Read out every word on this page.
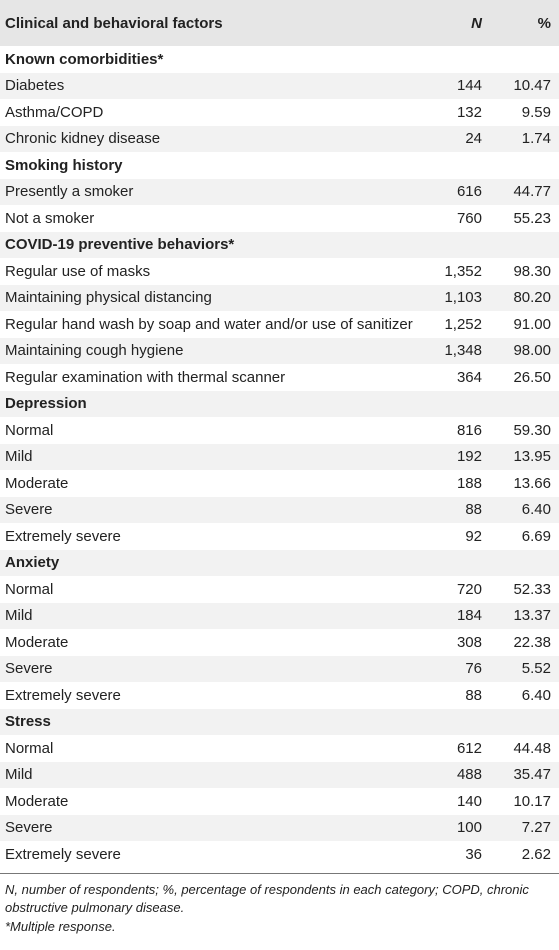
Clinical and behavioral factors	N	%
Known comorbidities*
Diabetes	144	10.47
Asthma/COPD	132	9.59
Chronic kidney disease	24	1.74
Smoking history
Presently a smoker	616	44.77
Not a smoker	760	55.23
COVID-19 preventive behaviors*
Regular use of masks	1,352	98.30
Maintaining physical distancing	1,103	80.20
Regular hand wash by soap and water and/or use of sanitizer	1,252	91.00
Maintaining cough hygiene	1,348	98.00
Regular examination with thermal scanner	364	26.50
Depression
Normal	816	59.30
Mild	192	13.95
Moderate	188	13.66
Severe	88	6.40
Extremely severe	92	6.69
Anxiety
Normal	720	52.33
Mild	184	13.37
Moderate	308	22.38
Severe	76	5.52
Extremely severe	88	6.40
Stress
Normal	612	44.48
Mild	488	35.47
Moderate	140	10.17
Severe	100	7.27
Extremely severe	36	2.62
N, number of respondents; %, percentage of respondents in each category; COPD, chronic obstructive pulmonary disease.
*Multiple response.
